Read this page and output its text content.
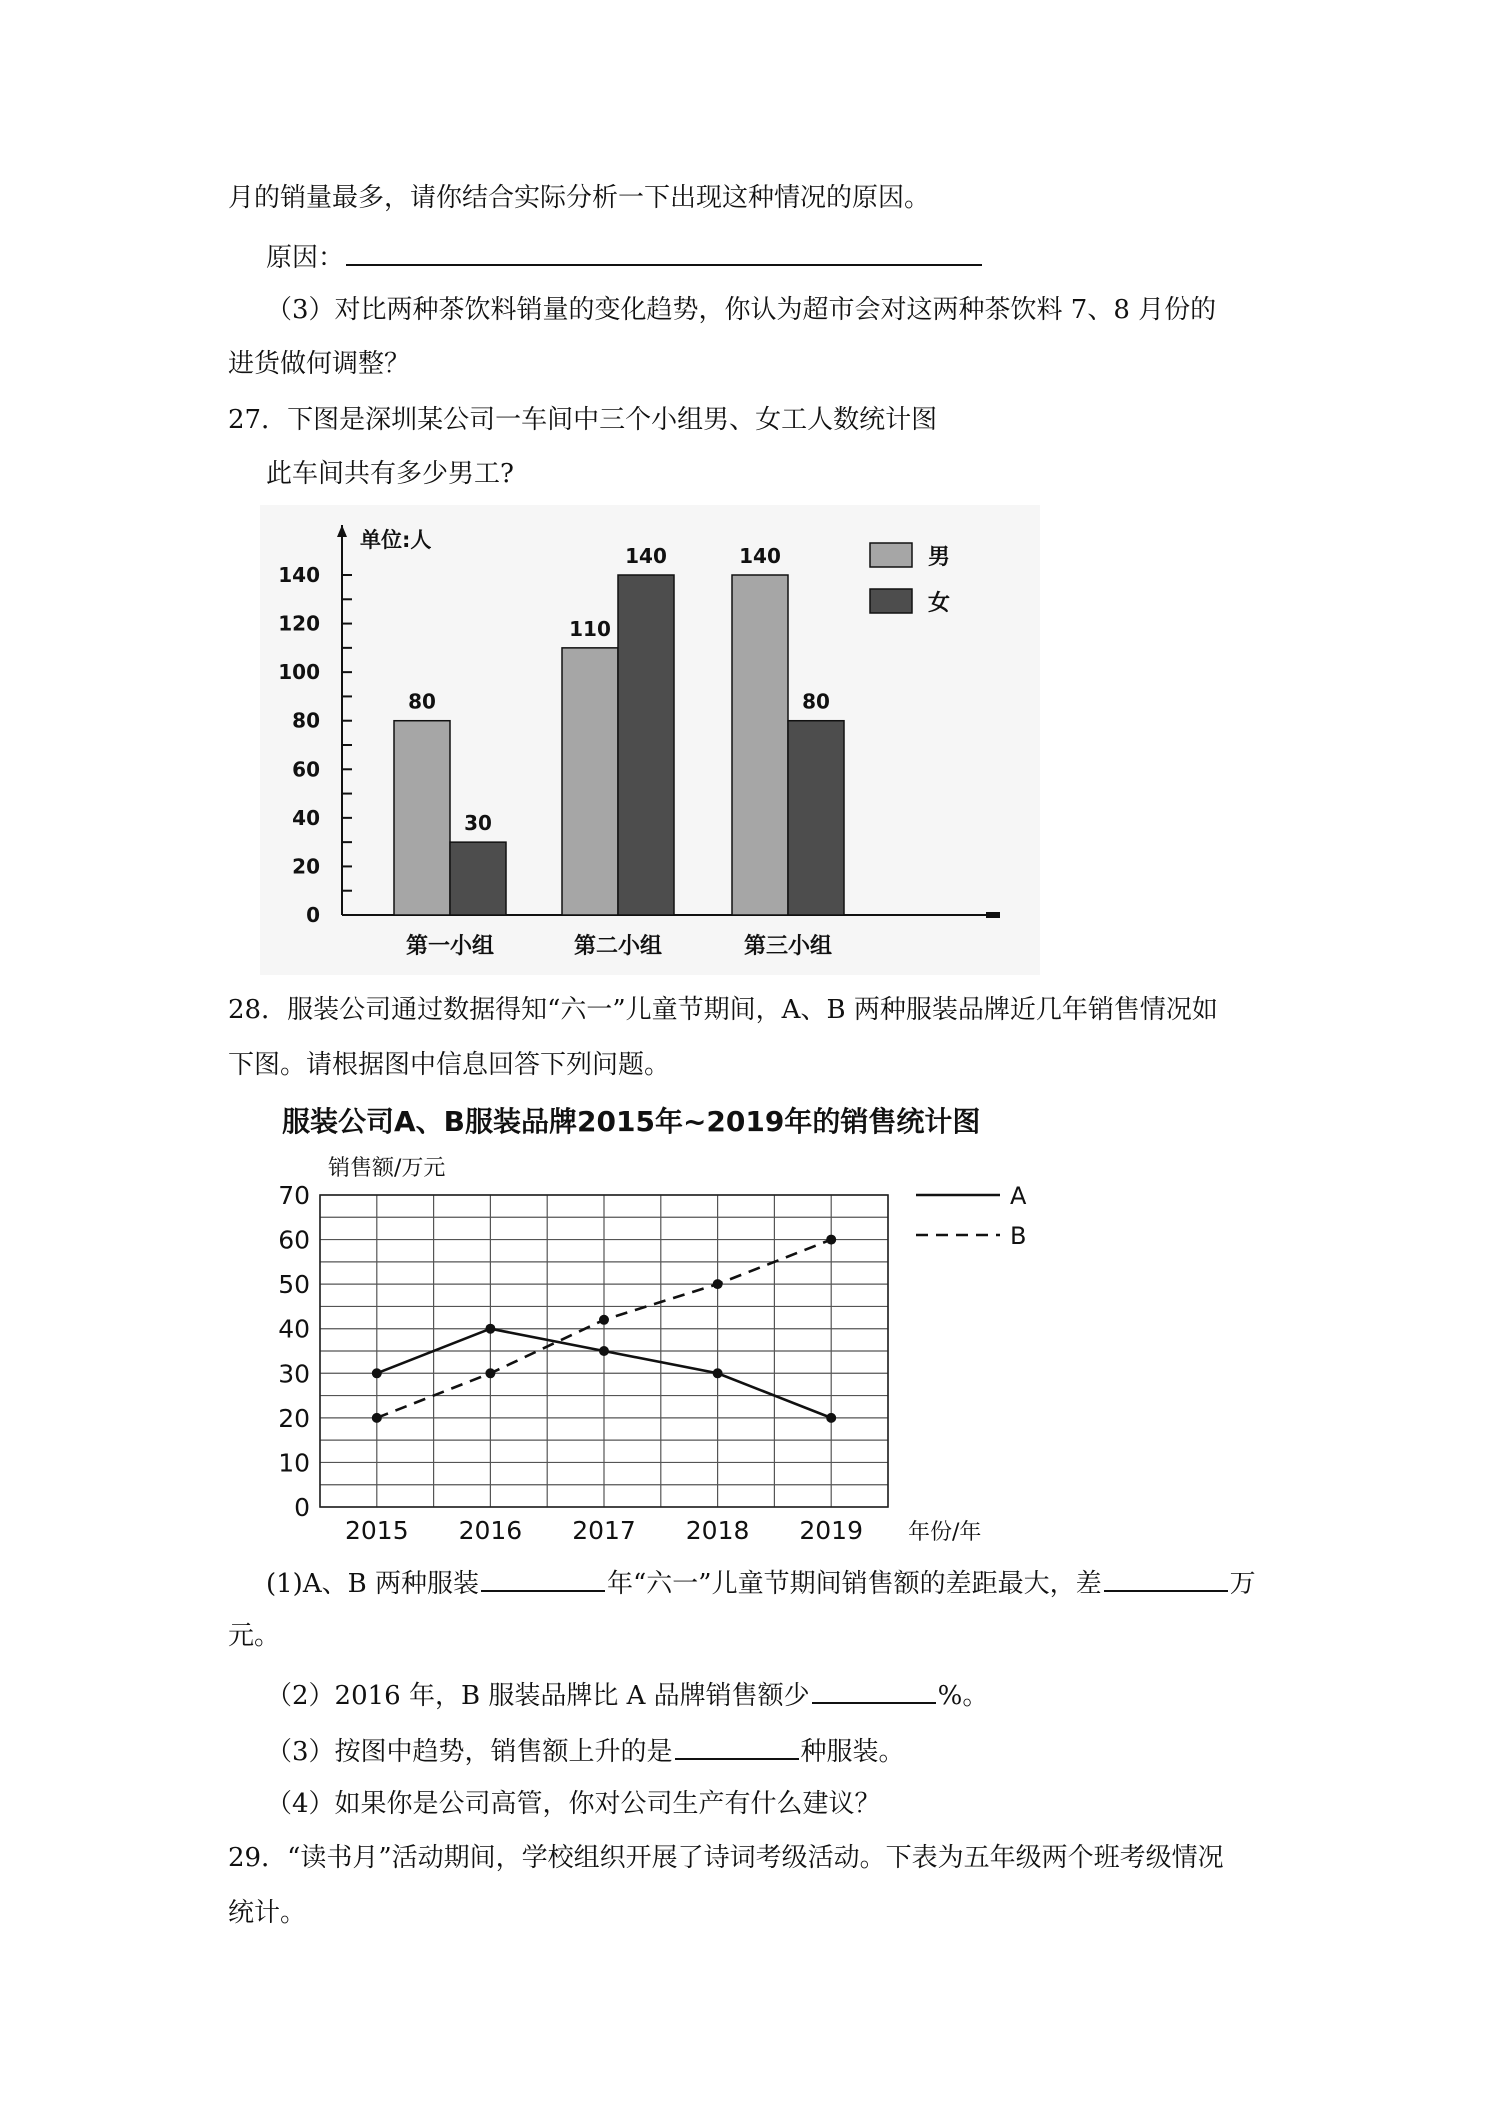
月的销量最多，请你结合实际分析一下出现这种情况的原因。
原因：
（3）对比两种茶饮料销量的变化趋势，你认为超市会对这两种茶饮料 7、8 月份的
进货做何调整？
27．下图是深圳某公司一车间中三个小组男、女工人数统计图
此车间共有多少男工?
0
20
40
60
80
100
120
140
单位:人
80
30
第一小组
110
140
第二小组
140
80
第三小组
男
女
28．服装公司通过数据得知“六一”儿童节期间，A、B 两种服装品牌近几年销售情况如
下图。请根据图中信息回答下列问题。
服装公司A、B服装品牌2015年~2019年的销售统计图
销售额/万元
0
10
20
30
40
50
60
70
2015 2016 2017 2018 2019 年份/年
A
B
(1)A、B 两种服装	年“六一”儿童节期间销售额的差距最大，差	万
元。
（2）2016 年，B 服装品牌比 A 品牌销售额少	%。
（3）按图中趋势，销售额上升的是	种服装。
（4）如果你是公司高管，你对公司生产有什么建议？
29．“读书月”活动期间，学校组织开展了诗词考级活动。下表为五年级两个班考级情况
统计。
